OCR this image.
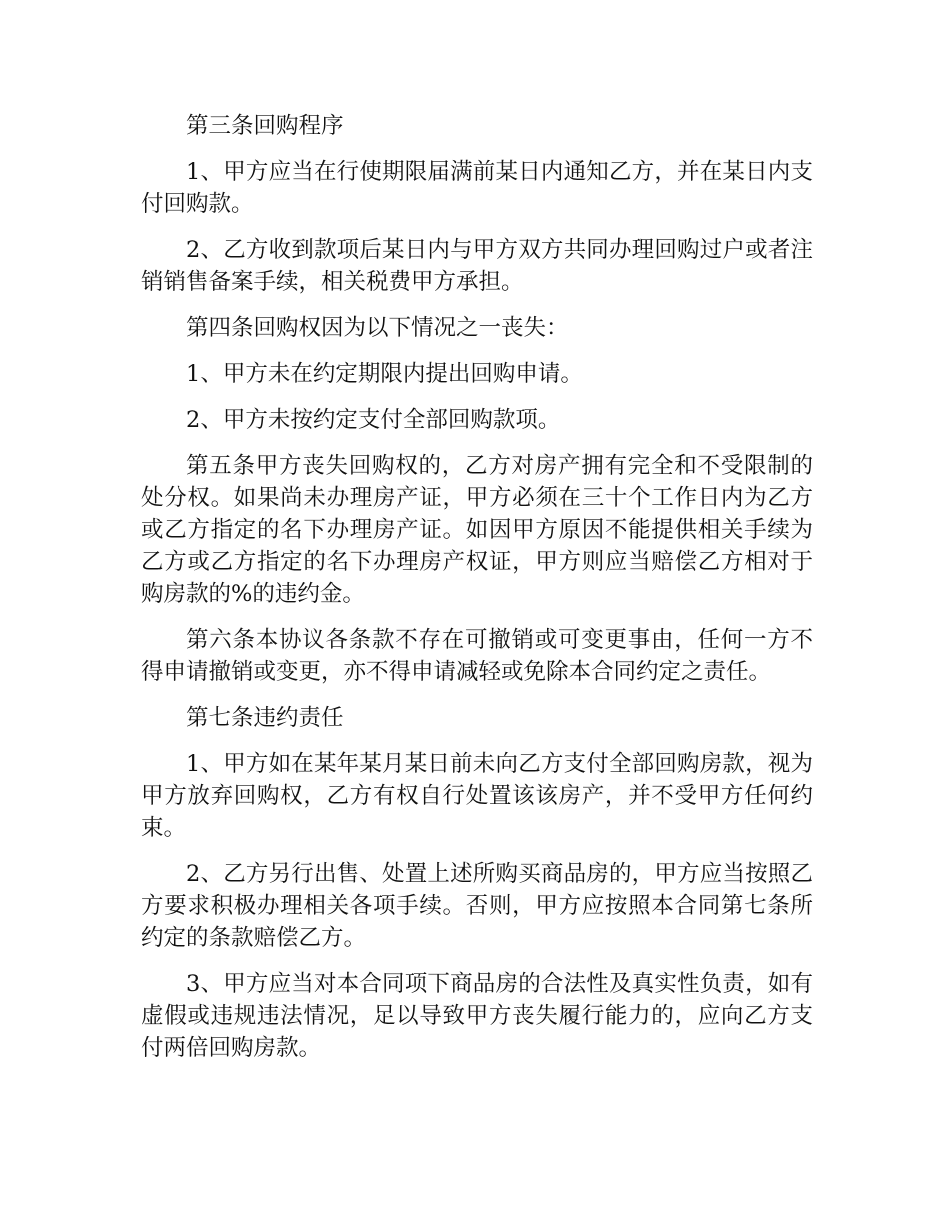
第三条回购程序

1、甲方应当在行使期限届满前某日内通知乙方，并在某日内支付回购款。

2、乙方收到款项后某日内与甲方双方共同办理回购过户或者注销销售备案手续，相关税费甲方承担。

第四条回购权因为以下情况之一丧失：

1、甲方未在约定期限内提出回购申请。

2、甲方未按约定支付全部回购款项。

第五条甲方丧失回购权的，乙方对房产拥有完全和不受限制的处分权。如果尚未办理房产证，甲方必须在三十个工作日内为乙方或乙方指定的名下办理房产证。如因甲方原因不能提供相关手续为乙方或乙方指定的名下办理房产权证，甲方则应当赔偿乙方相对于购房款的%的违约金。

第六条本协议各条款不存在可撤销或可变更事由，任何一方不得申请撤销或变更，亦不得申请减轻或免除本合同约定之责任。

第七条违约责任

1、甲方如在某年某月某日前未向乙方支付全部回购房款，视为甲方放弃回购权，乙方有权自行处置该该房产，并不受甲方任何约束。

2、乙方另行出售、处置上述所购买商品房的，甲方应当按照乙方要求积极办理相关各项手续。否则，甲方应按照本合同第七条所约定的条款赔偿乙方。

3、甲方应当对本合同项下商品房的合法性及真实性负责，如有虚假或违规违法情况，足以导致甲方丧失履行能力的，应向乙方支付两倍回购房款。
